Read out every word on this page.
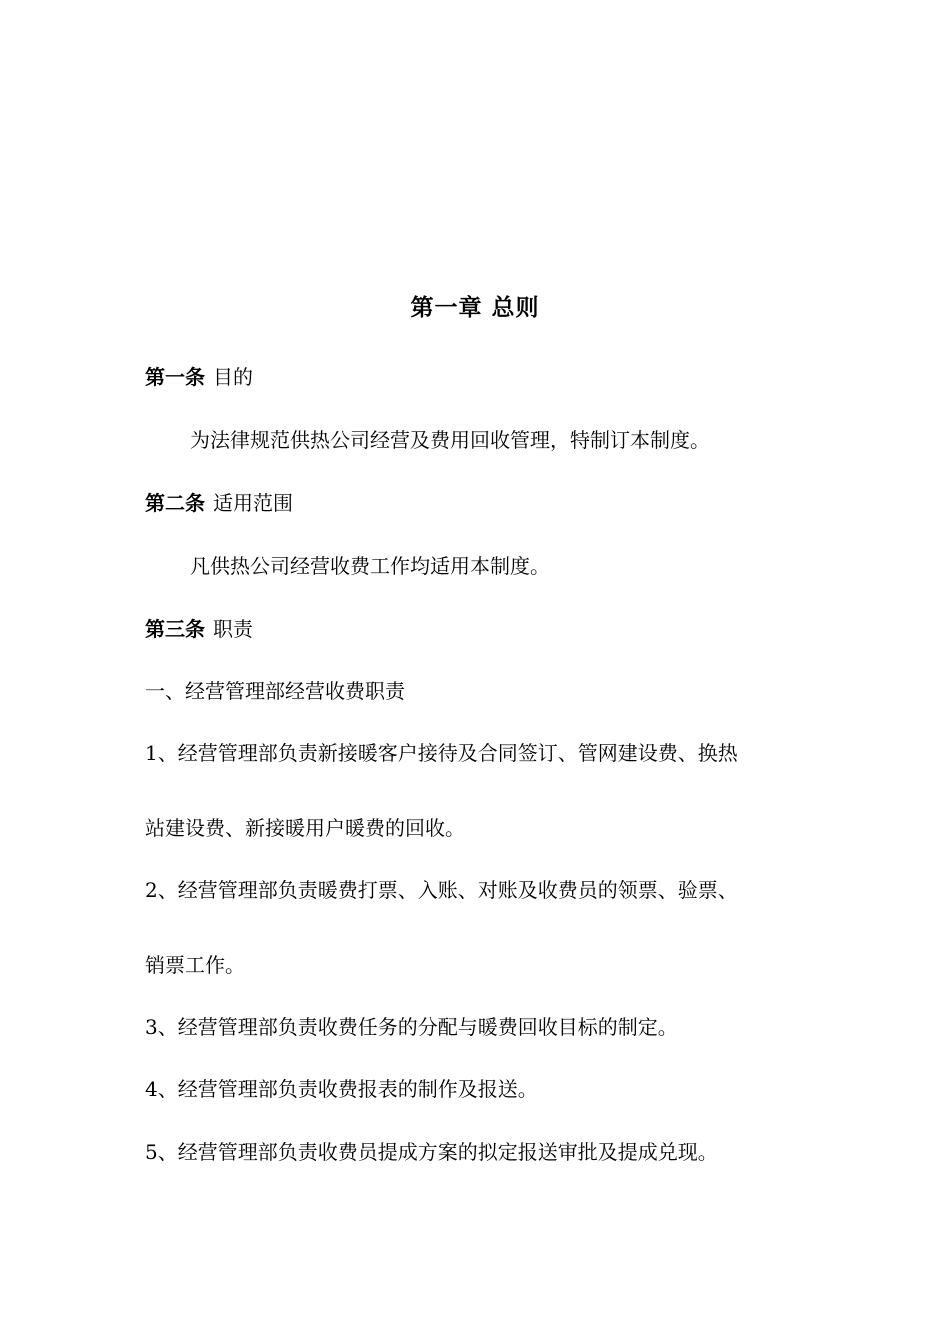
第一章 总则
第一条 目的
为法律规范供热公司经营及费用回收管理，特制订本制度。
第二条 适用范围
凡供热公司经营收费工作均适用本制度。
第三条 职责
一、经营管理部经营收费职责
1、经营管理部负责新接暖客户接待及合同签订、管网建设费、换热
站建设费、新接暖用户暖费的回收。
2、经营管理部负责暖费打票、入账、对账及收费员的领票、验票、
销票工作。
3、经营管理部负责收费任务的分配与暖费回收目标的制定。
4、经营管理部负责收费报表的制作及报送。
5、经营管理部负责收费员提成方案的拟定报送审批及提成兑现。
